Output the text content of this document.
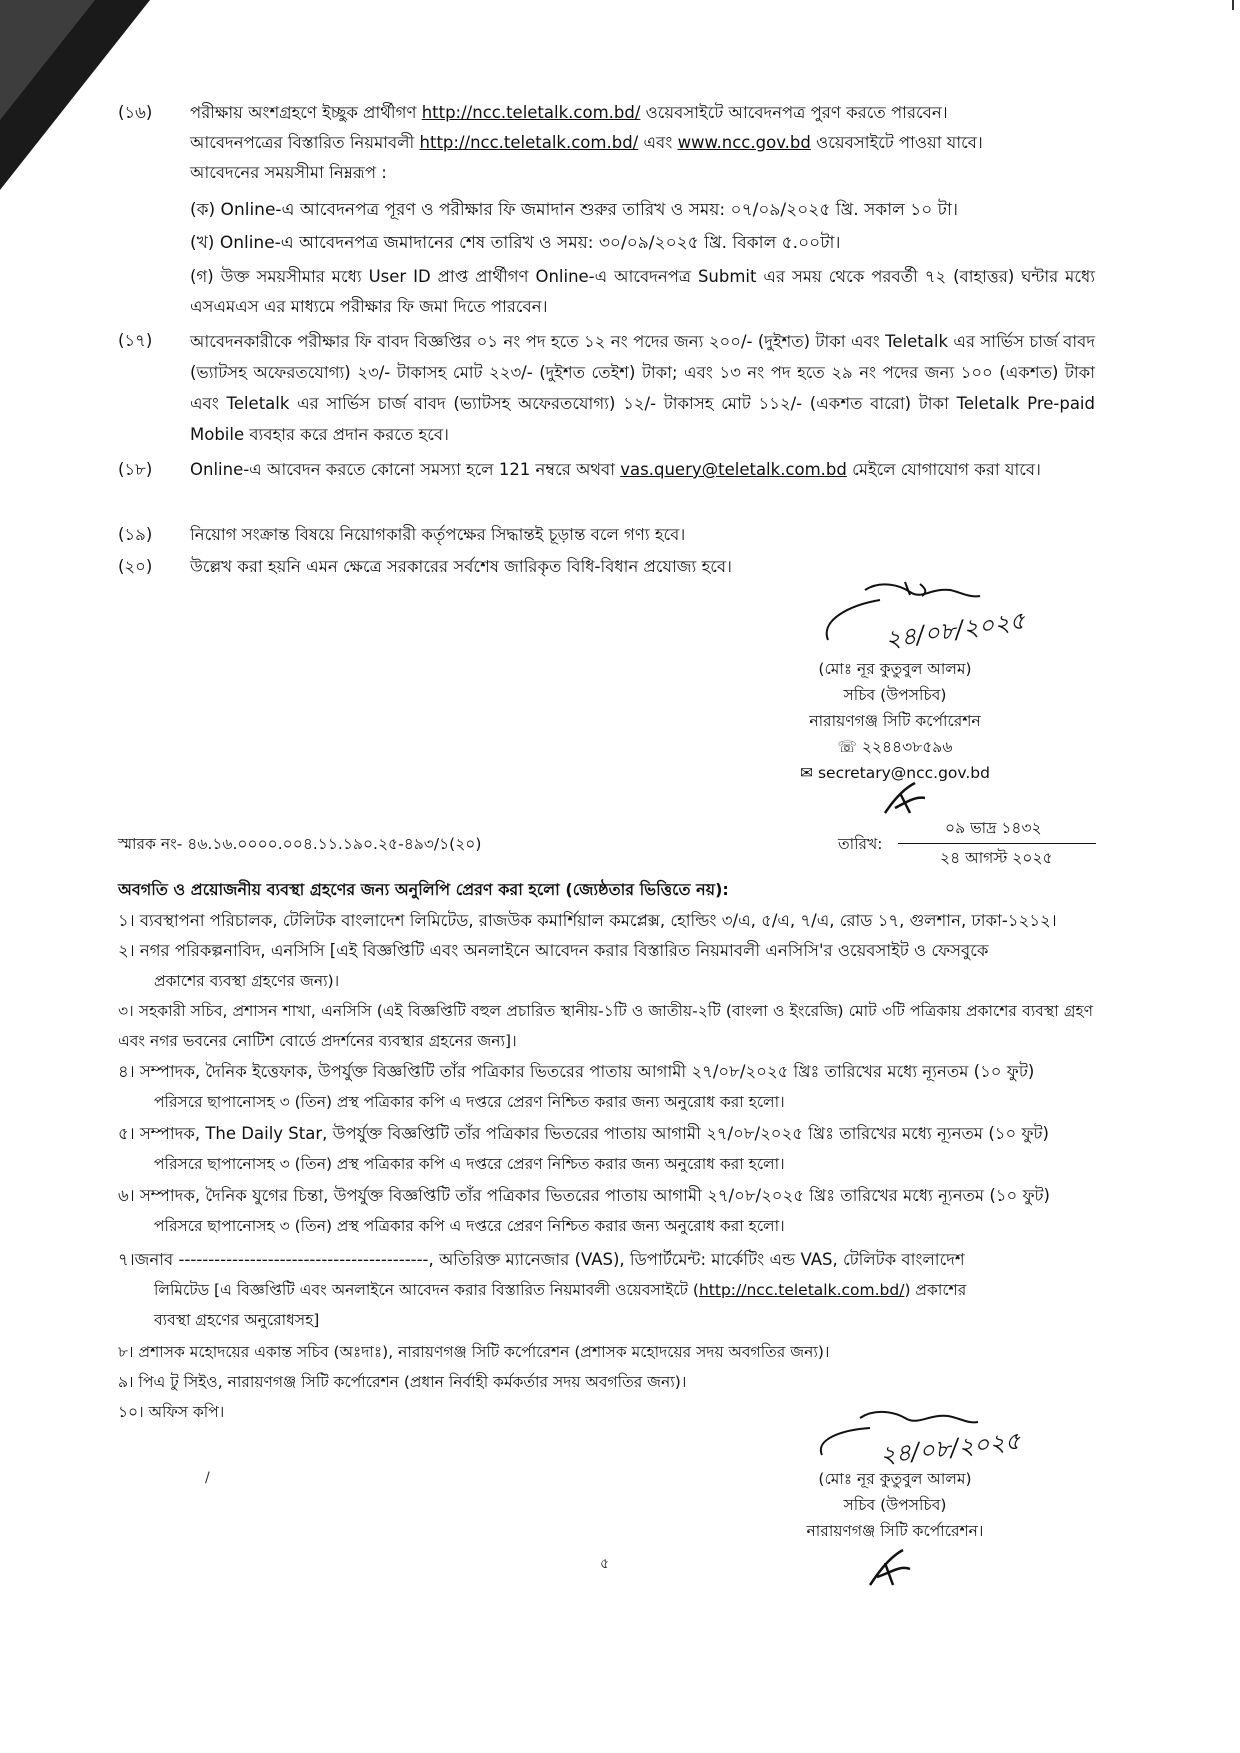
(১৬) পরীক্ষায় অংশগ্রহণে ইচ্ছুক প্রার্থীগণ http://ncc.teletalk.com.bd/ ওয়েবসাইটে আবেদনপত্র পুরণ করতে পারবেন।
আবেদনপত্রের বিস্তারিত নিয়মাবলী http://ncc.teletalk.com.bd/ এবং www.ncc.gov.bd ওয়েবসাইটে পাওয়া যাবে।
আবেদনের সময়সীমা নিম্নরূপ :
(ক) Online-এ আবেদনপত্র পূরণ ও পরীক্ষার ফি জমাদান শুরুর তারিখ ও সময়: ০৭/০৯/২০২৫ খ্রি. সকাল ১০ টা।
(খ) Online-এ আবেদনপত্র জমাদানের শেষ তারিখ ও সময়: ৩০/০৯/২০২৫ খ্রি. বিকাল ৫.০০টা।
(গ) উক্ত সময়সীমার মধ্যে User ID প্রাপ্ত প্রার্থীগণ Online-এ আবেদনপত্র Submit এর সময় থেকে পরবর্তী ৭২ (বাহাত্তর) ঘন্টার মধ্যে এসএমএস এর মাধ্যমে পরীক্ষার ফি জমা দিতে পারবেন।
(১৭) আবেদনকারীকে পরীক্ষার ফি বাবদ বিজ্ঞপ্তির ০১ নং পদ হতে ১২ নং পদের জন্য ২০০/- (দুইশত) টাকা এবং Teletalk এর সার্ভিস চার্জ বাবদ (ভ্যাটসহ অফেরতযোগ্য) ২৩/- টাকাসহ মোট ২২৩/- (দুইশত তেইশ) টাকা; এবং ১৩ নং পদ হতে ২৯ নং পদের জন্য ১০০ (একশত) টাকা এবং Teletalk এর সার্ভিস চার্জ বাবদ (ভ্যাটসহ অফেরতযোগ্য) ১২/- টাকাসহ মোট ১১২/- (একশত বারো) টাকা Teletalk Pre-paid Mobile ব্যবহার করে প্রদান করতে হবে।
(১৮) Online-এ আবেদন করতে কোনো সমস্যা হলে 121 নম্বরে অথবা vas.query@teletalk.com.bd মেইলে যোগাযোগ করা যাবে।
(১৯) নিয়োগ সংক্রান্ত বিষয়ে নিয়োগকারী কর্তৃপক্ষের সিদ্ধান্তই চূড়ান্ত বলে গণ্য হবে।
(২০) উল্লেখ করা হয়নি এমন ক্ষেত্রে সরকারের সর্বশেষ জারিকৃত বিধি-বিধান প্রযোজ্য হবে।
২৪/০৮/২০২৫
(মোঃ নূর কুতুবুল আলম)
সচিব (উপসচিব)
নারায়ণগঞ্জ সিটি কর্পোরেশন
☏ ২২৪৪৩৮৫৯৬
✉ secretary@ncc.gov.bd
স্মারক নং- ৪৬.১৬.০০০০.০০৪.১১.১৯০.২৫-৪৯৩/১(২০)	তারিখ:
০৯ ভাদ্র ১৪৩২
২৪ আগস্ট ২০২৫
অবগতি ও প্রয়োজনীয় ব্যবস্থা গ্রহণের জন্য অনুলিপি প্রেরণ করা হলো (জ্যেষ্ঠতার ভিত্তিতে নয়):
১। ব্যবস্থাপনা পরিচালক, টেলিটক বাংলাদেশ লিমিটেড, রাজউক কমার্শিয়াল কমপ্লেক্স, হোল্ডিং ৩/এ, ৫/এ, ৭/এ, রোড ১৭, গুলশান, ঢাকা-১২১২।
২। নগর পরিকল্পনাবিদ, এনসিসি [এই বিজ্ঞপ্তিটি এবং অনলাইনে আবেদন করার বিস্তারিত নিয়মাবলী এনসিসি'র ওয়েবসাইট ও ফেসবুকে
প্রকাশের ব্যবস্থা গ্রহণের জন্য)।
৩। সহকারী সচিব, প্রশাসন শাখা, এনসিসি (এই বিজ্ঞপ্তিটি বহুল প্রচারিত স্থানীয়-১টি ও জাতীয়-২টি (বাংলা ও ইংরেজি) মোট ৩টি পত্রিকায় প্রকাশের ব্যবস্থা গ্রহণ এবং নগর ভবনের নোটিশ বোর্ডে প্রদর্শনের ব্যবস্থার গ্রহনের জন্য]।
৪। সম্পাদক, দৈনিক ইত্তেফাক, উপর্যুক্ত বিজ্ঞপ্তিটি তাঁর পত্রিকার ভিতরের পাতায় আগামী ২৭/০৮/২০২৫ খ্রিঃ তারিখের মধ্যে ন্যূনতম (১০ ফুট)
পরিসরে ছাপানোসহ ৩ (তিন) প্রস্থ পত্রিকার কপি এ দপ্তরে প্রেরণ নিশ্চিত করার জন্য অনুরোধ করা হলো।
৫। সম্পাদক, The Daily Star, উপর্যুক্ত বিজ্ঞপ্তিটি তাঁর পত্রিকার ভিতরের পাতায় আগামী ২৭/০৮/২০২৫ খ্রিঃ তারিখের মধ্যে ন্যূনতম (১০ ফুট)
পরিসরে ছাপানোসহ ৩ (তিন) প্রস্থ পত্রিকার কপি এ দপ্তরে প্রেরণ নিশ্চিত করার জন্য অনুরোধ করা হলো।
৬। সম্পাদক, দৈনিক যুগের চিন্তা, উপর্যুক্ত বিজ্ঞপ্তিটি তাঁর পত্রিকার ভিতরের পাতায় আগামী ২৭/০৮/২০২৫ খ্রিঃ তারিখের মধ্যে ন্যূনতম (১০ ফুট)
পরিসরে ছাপানোসহ ৩ (তিন) প্রস্থ পত্রিকার কপি এ দপ্তরে প্রেরণ নিশ্চিত করার জন্য অনুরোধ করা হলো।
৭।জনাব ------------------------------------------, অতিরিক্ত ম্যানেজার (VAS), ডিপার্টমেন্ট: মার্কেটিং এন্ড VAS, টেলিটক বাংলাদেশ
লিমিটেড [এ বিজ্ঞপ্তিটি এবং অনলাইনে আবেদন করার বিস্তারিত নিয়মাবলী ওয়েবসাইটে (http://ncc.teletalk.com.bd/) প্রকাশের
ব্যবস্থা গ্রহণের অনুরোধসহ]
৮। প্রশাসক মহোদয়ের একান্ত সচিব (অঃদাঃ), নারায়ণগঞ্জ সিটি কর্পোরেশন (প্রশাসক মহোদয়ের সদয় অবগতির জন্য)।
৯। পিএ টু সিইও, নারায়ণগঞ্জ সিটি কর্পোরেশন (প্রধান নির্বাহী কর্মকর্তার সদয় অবগতির জন্য)।
১০। অফিস কপি।
২৪/০৮/২০২৫
(মোঃ নূর কুতুবুল আলম)
সচিব (উপসচিব)
নারায়ণগঞ্জ সিটি কর্পোরেশন।
/
৫
